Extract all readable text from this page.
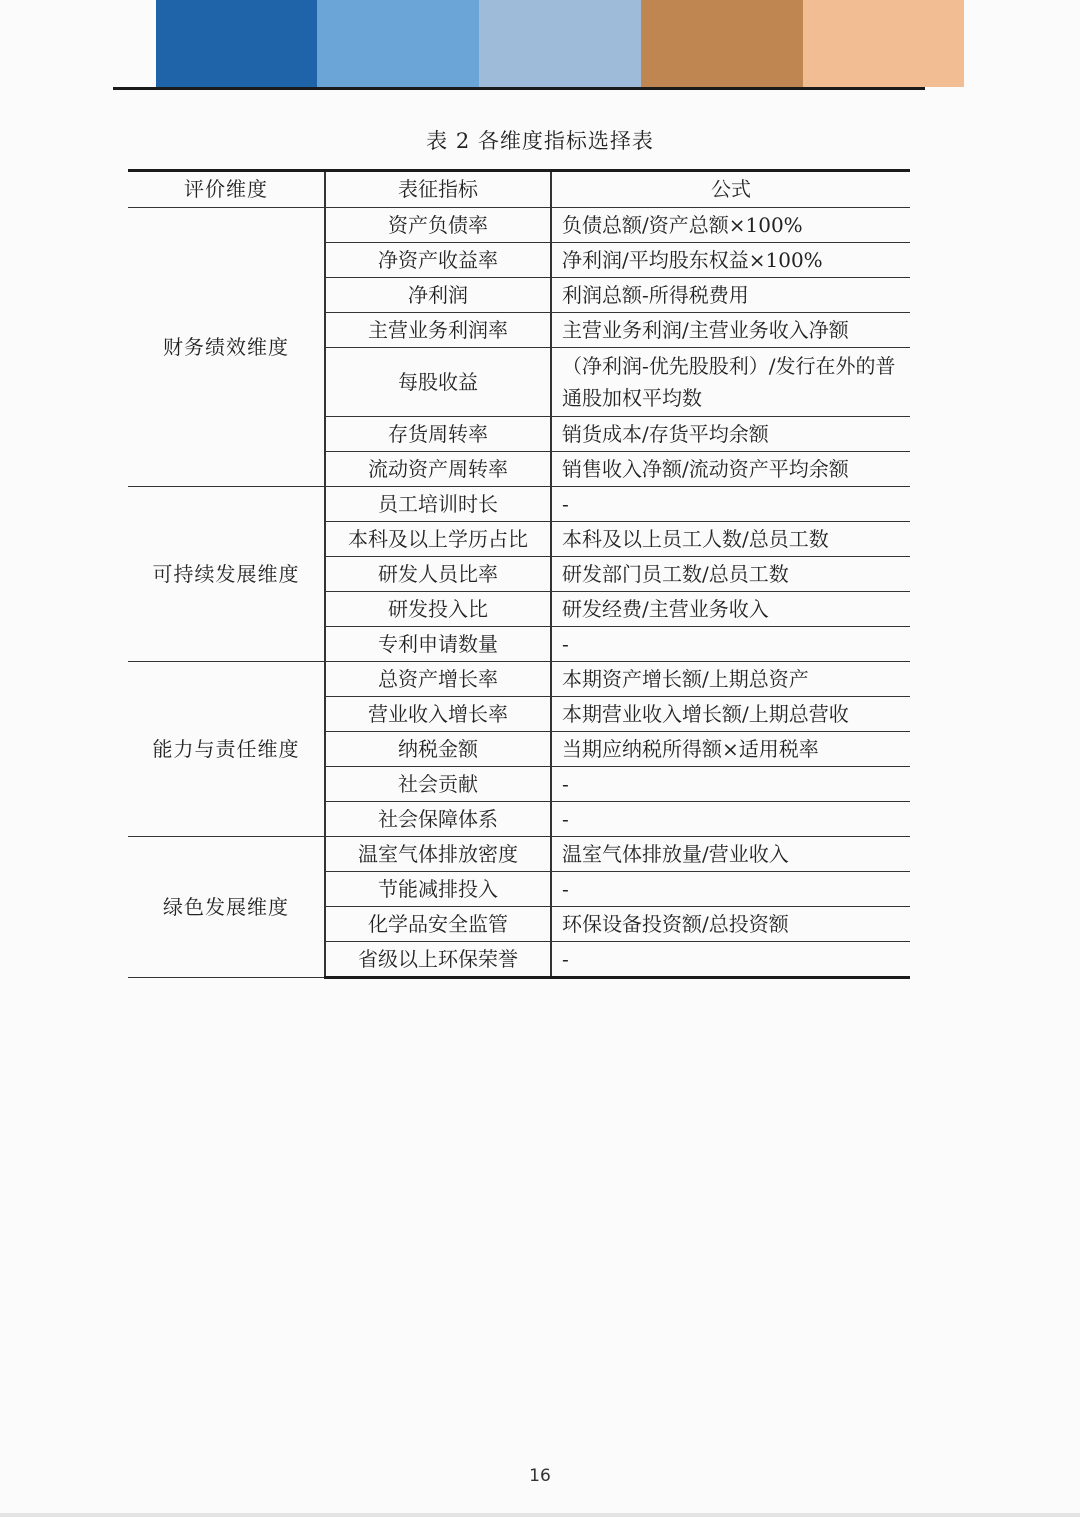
表 2 各维度指标选择表
评价维度	表征指标	公式
财务绩效维度	资产负债率	负债总额/资产总额×100%
	净资产收益率	净利润/平均股东权益×100%
	净利润	利润总额-所得税费用
	主营业务利润率	主营业务利润/主营业务收入净额
	每股收益	（净利润-优先股股利）/发行在外的普通股加权平均数
	存货周转率	销货成本/存货平均余额
	流动资产周转率	销售收入净额/流动资产平均余额
可持续发展维度	员工培训时长	-
	本科及以上学历占比	本科及以上员工人数/总员工数
	研发人员比率	研发部门员工数/总员工数
	研发投入比	研发经费/主营业务收入
	专利申请数量	-
能力与责任维度	总资产增长率	本期资产增长额/上期总资产
	营业收入增长率	本期营业收入增长额/上期总营收
	纳税金额	当期应纳税所得额×适用税率
	社会贡献	-
	社会保障体系	-
绿色发展维度	温室气体排放密度	温室气体排放量/营业收入
	节能减排投入	-
	化学品安全监管	环保设备投资额/总投资额
	省级以上环保荣誉	-
16
